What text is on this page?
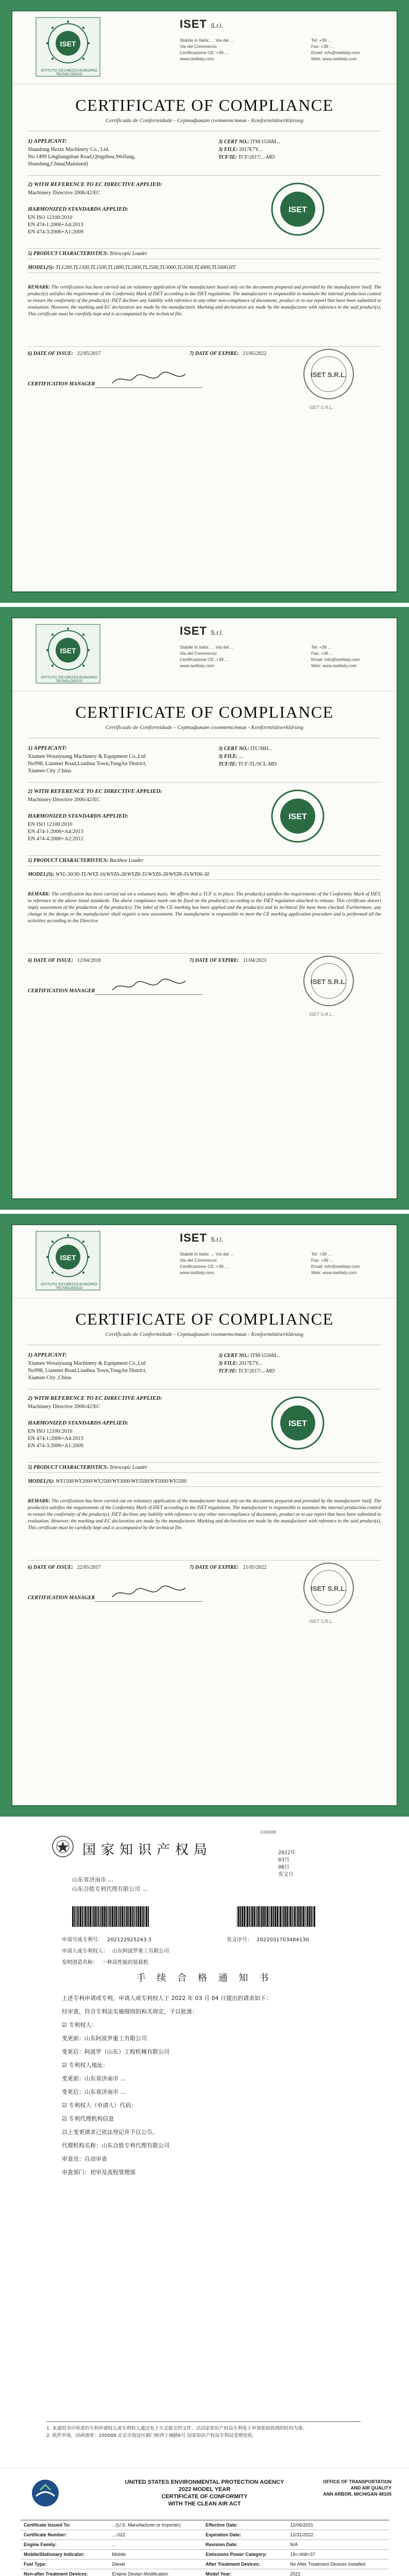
ISET
ISTITUTO SICUREZZA EUROPEO TECNOLOGICO
ISET S.r.l.
Stabile in Italia: ... Via del ...
Via del Commercio
Certificazione CE: +39 ...
www.isetitaly.com
Tel: +39 ...
Fax: +39 ...
Email: info@isetitaly.com
Web: www.isetitaly.com
CERTIFICATE OF COMPLIANCE
Certificado de Conformidade - Сертификат соответствия - Konformitätserklärung
1) APPLICANT:
Shandong Hexin Machinery Co., Ltd.
No.1499 Lingliangshan Road,Qingzhou,Weifang,
Shandong,China(Mainland)
3) CERT NO.: ITM/1556M...
3) FILE: 2017E7Y...
TCF/IE: TCF/2017/...-MD
2) WITH REFERENCE TO EC DIRECTIVE APPLIED:
Machinery Directive 2006/42/EC
HARMONIZED STANDARDS APPLIED:
EN ISO 12100:2010
EN 474-1:2006+A4:2013
EN 474-3:2006+A1:2009
ISET
5) PRODUCT CHARACTERISTICS: Telescopic Loader
MODEL(S): TL1200,TL1300,TL1500,TL1800,TL2000,TL2500,TL3000,TL3500,TL4000,TL5000,HT
REMARK: The certification has been carried out on voluntary application of the manufacturer based only on the documents prepared and provided by the manufacturer itself. The product(s) satisfies the requirements of the Conformity Mark of ISET according to the ISET regulations. The manufacturer is responsible to maintain the internal production control to ensure the conformity of the product(s). ISET declines any liability with reference to any other non-compliance of documents, product or to use report that have been submitted to evaluation. However, the marking and EC declaration are made by the manufacturer. Marking and declaration are made by the manufacturer with reference to the said product(s). This certificate must be carefully kept and is accompanied by the technical file.
6) DATE OF ISSUE: 22/05/2017	7) DATE OF EXPIRE: 21/05/2022
CERTIFICATION MANAGER
ISET S.R.L.
ISET S.R.L.
ISET
ISTITUTO SICUREZZA EUROPEO TECNOLOGICO
ISET S.r.l.
Stabile in Italia: ... Via del ...
Via del Commercio
Certificazione CE: +39 ...
www.isetitaly.com
Tel: +39 ...
Fax: +39 ...
Email: info@isetitaly.com
Web: www.isetitaly.com
CERTIFICATE OF COMPLIANCE
Certificado de Conformidade - Сертификат соответствия - Konformitätserklärung
1) APPLICANT:
Xiamen Wotaiyuang Machinery & Equipment Co.,Ltd
No998, Lianmei Road,Lianhua Town,TongAn District,
Xiamen City ,China
3) CERT NO.: ITC/MH...
3) FILE: ...
TCF/IE: TCF-TL/SCL-MD
2) WITH REFERENCE TO EC DIRECTIVE APPLIED:
Machinery Directive 2006/42/EC
HARMONIZED STANDARDS APPLIED:
EN ISO 12100:2010
EN 474-1:2006+A4:2013
EN 474-4:2006+A2:2012
ISET
5) PRODUCT CHARACTERISTICS: Backhoe Loader
MODEL(S): WYL-30/30-TL/WYZ-16/WYZ6-28/WYZ8-35/WYZ6-28/WYZ8-35/WY06-30
REMARK: The certification has been carried out on a voluntary basis. We affirm that a TCF is in place. The product(s) satisfies the requirements of the Conformity Mark of ISET, in reference to the above listed standards. The above compliance mark can be fixed on the product(s) according to the ISET regulation attached to release. This certificate doesn't imply assessment of the production of the product(s). The label of the CE marking has been applied and the product(s) and its technical file have been checked. Furthermore, any change in the design or the manufacturer shall require a new assessment. The manufacturer is responsible to meet the CE marking application procedure and is performed all the activities according to the Directive.
6) DATE OF ISSUE: 12/04/2018	7) DATE OF EXPIRE: 11/04/2023
CERTIFICATION MANAGER
ISET S.R.L.
ISET S.R.L.
ISET
ISTITUTO SICUREZZA EUROPEO TECNOLOGICO
ISET S.r.l.
Stabile in Italia: ... Via del ...
Via del Commercio
Certificazione CE: +39 ...
www.isetitaly.com
Tel: +39 ...
Fax: +39 ...
Email: info@isetitaly.com
Web: www.isetitaly.com
CERTIFICATE OF COMPLIANCE
Certificado de Conformidade - Сертификат соответствия - Konformitätserklärung
1) APPLICANT:
Xiamen Wotaiyuang Machinery & Equipment Co.,Ltd
No998, Lianmei Road,Lianhua Town,TongAn District,
Xiamen City ,China
3) CERT NO.: ITM/1556M...
3) FILE: 2017E7Y...
TCF/IE: TCF/2017/...-MD
2) WITH REFERENCE TO EC DIRECTIVE APPLIED:
Machinery Directive 2006/42/EC
HARMONIZED STANDARDS APPLIED:
EN ISO 12100:2010
EN 474-1:2006+A4:2013
EN 474-3:2006+A1:2009
ISET
5) PRODUCT CHARACTERISTICS: Telescopic Loader
MODEL(S): WY1500/WY2000/WY2500/WY3000/WY3500/WY5000/WY5500
REMARK: The certification has been carried out on voluntary application of the manufacturer based only on the documents prepared and provided by the manufacturer itself. The product(s) satisfies the requirements of the Conformity Mark of ISET according to the ISET regulations. The manufacturer is responsible to maintain the internal production control to ensure the conformity of the product(s). ISET declines any liability with reference to any other non-compliance of documents, product or to use report that have been submitted to evaluation. However, the marking and EC declaration are made by the manufacturer. Marking and declaration are made by the manufacturer with reference to the said product(s). This certificate must be carefully kept and is accompanied by the technical file.
6) DATE OF ISSUE: 22/05/2017	7) DATE OF EXPIRE: 21/05/2022
CERTIFICATION MANAGER
ISET S.R.L.
ISET S.R.L.
国家知识产权局
100088
2022年
03月
08日
发文日
山东省济南市 ...
山东合胜专利代理有限公司 ...
申请号或专利号： 202122925243.3	发文序号： 2022031703484130
申请人或专利权人： 山东阿波罗重工有限公司
发明创造名称： 一种高性能的装载机
手 续 合 格 通 知 书
上述专利申请或专利，申请人或专利权人于 2022 年 03 月 04 日提出的请求如下：
经审查，符合专利法实施细则的相关规定，予以批准：
☑ 专利权人：
变更前：山东阿波罗重工有限公司
变更后：阿波罗（山东）工程机械有限公司
☑ 专利权人地址：
变更前：山东省济南市 ...
变更后：山东省济南市 ...
☑ 专利权人（申请人）代码：
☑ 专利代理机构信息
以上变更请求已依法登记并予以公告。
代理机构名称：山东合胜专利代理有限公司
审查员：自动审查
审查部门：初审及流程管理部
1. 本通知书中所述的专利申请权人或专利权人通过电子方式提交的文件，以国家知识产权局专利电子申请系统收到的时间为准。
2. 纸件申请，回函请寄：100088 北京市海淀区蓟门桥西土城路6号 国家知识产权局专利局受理处收。
UNITED STATES ENVIRONMENTAL PROTECTION AGENCY
2022 MODEL YEAR
CERTIFICATE OF CONFORMITY
WITH THE CLEAN AIR ACT
OFFICE OF TRANSPORTATION
AND AIR QUALITY
ANN ARBOR, MICHIGAN 48105
Certificate Issued To:	...(U.S. Manufacturer or Importer)	Effective Date:	12/06/2021
Certificate Number:	...-022	Expiration Date:	12/31/2022
Engine Family:	...	Revision Date:	N/A
Mobile/Stationary Indicator:	Mobile	Emissions Power Category:	19<=kW<37
Fuel Type:	Diesel	After Treatment Devices:	No After Treatment Devices Installed
Non-after Treatment Devices:	Engine Design Modification	Model Year:	2022
